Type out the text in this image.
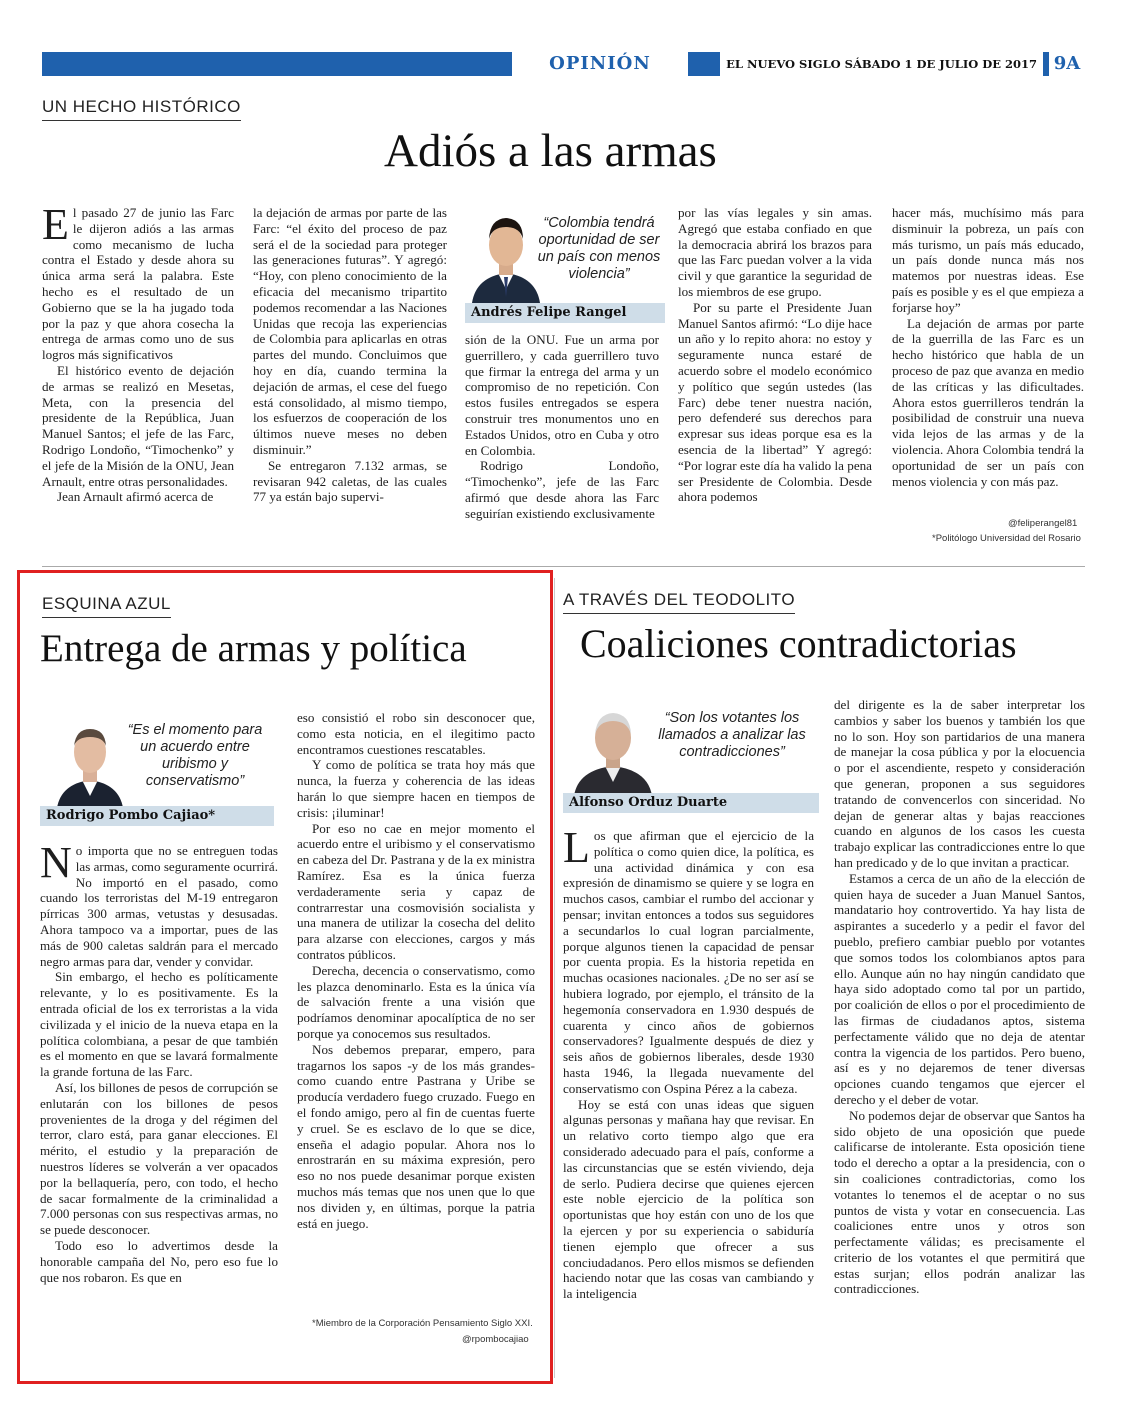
OPINIÓN	EL NUEVO SIGLO SÁBADO 1 DE JULIO DE 2017 9A
UN HECHO HISTÓRICO
Adiós a las armas

El pasado 27 de junio las Farc le dijeron adiós a las armas como mecanismo de lucha contra el Estado y desde ahora su única arma será la palabra. Este hecho es el resultado de un Gobierno que se la ha jugado toda por la paz y que ahora cosecha la entrega de armas como uno de sus logros más significativos

El histórico evento de dejación de armas se realizó en Mesetas, Meta, con la presencia del presidente de la República, Juan Manuel Santos; el jefe de las Farc, Rodrigo Londoño, “Timochenko” y el jefe de la Misión de la ONU, Jean Arnault, entre otras personalidades.

Jean Arnault afirmó acerca de

la dejación de armas por parte de las Farc: “el éxito del proceso de paz será el de la sociedad para proteger las generaciones futuras”. Y agregó: “Hoy, con pleno conocimiento de la eficacia del mecanismo tripartito podemos recomendar a las Naciones Unidas que recoja las experiencias de Colombia para aplicarlas en otras partes del mundo. Concluimos que hoy en día, cuando termina la dejación de armas, el cese del fuego está consolidado, al mismo tiempo, los esfuerzos de cooperación de los últimos nueve meses no deben disminuir.”

Se entregaron 7.132 armas, se revisaran 942 caletas, de las cuales 77 ya están bajo supervi-

“Colombia tendrá oportunidad de ser un país con menos violencia”
Andrés Felipe Rangel

sión de la ONU. Fue un arma por guerrillero, y cada guerrillero tuvo que firmar la entrega del arma y un compromiso de no repetición. Con estos fusiles entregados se espera construir tres monumentos uno en Estados Unidos, otro en Cuba y otro en Colombia.

Rodrigo Londoño, “Timochenko”, jefe de las Farc afirmó que desde ahora las Farc seguirían existiendo exclusivamente

por las vías legales y sin amas. Agregó que estaba confiado en que la democracia abrirá los brazos para que las Farc puedan volver a la vida civil y que garantice la seguridad de los miembros de ese grupo.

Por su parte el Presidente Juan Manuel Santos afirmó: “Lo dije hace un año y lo repito ahora: no estoy y seguramente nunca estaré de acuerdo sobre el modelo económico y político que según ustedes (las Farc) debe tener nuestra nación, pero defenderé sus derechos para expresar sus ideas porque esa es la esencia de la libertad” Y agregó: “Por lograr este día ha valido la pena ser Presidente de Colombia. Desde ahora podemos

hacer más, muchísimo más para disminuir la pobreza, un país con más turismo, un país más educado, un país donde nunca más nos matemos por nuestras ideas. Ese país es posible y es el que empieza a forjarse hoy”

La dejación de armas por parte de la guerrilla de las Farc es un hecho histórico que habla de un proceso de paz que avanza en medio de las críticas y las dificultades. Ahora estos guerrilleros tendrán la posibilidad de construir una nueva vida lejos de las armas y de la violencia. Ahora Colombia tendrá la oportunidad de ser un país con menos violencia y con más paz.

@feliperangel81
*Politólogo Universidad del Rosario
ESQUINA AZUL
Entrega de armas y política
“Es el momento para un acuerdo entre uribismo y conservatismo”
Rodrigo Pombo Cajiao*

No importa que no se entreguen todas las armas, como seguramente ocurrirá. No importó en el pasado, como cuando los terroristas del M-19 entregaron pírricas 300 armas, vetustas y desusadas. Ahora tampoco va a importar, pues de las más de 900 caletas saldrán para el mercado negro armas para dar, vender y convidar.

Sin embargo, el hecho es políticamente relevante, y lo es positivamente. Es la entrada oficial de los ex terroristas a la vida civilizada y el inicio de la nueva etapa en la política colombiana, a pesar de que también es el momento en que se lavará formalmente la grande fortuna de las Farc.

Así, los billones de pesos de corrupción se enlutarán con los billones de pesos provenientes de la droga y del régimen del terror, claro está, para ganar elecciones. El mérito, el estudio y la preparación de nuestros líderes se volverán a ver opacados por la bellaquería, pero, con todo, el hecho de sacar formalmente de la criminalidad a 7.000 personas con sus respectivas armas, no se puede desconocer.

Todo eso lo advertimos desde la honorable campaña del No, pero eso fue lo que nos robaron. Es que en

eso consistió el robo sin desconocer que, como esta noticia, en el ilegitimo pacto encontramos cuestiones rescatables.

Y como de política se trata hoy más que nunca, la fuerza y coherencia de las ideas harán lo que siempre hacen en tiempos de crisis: ¡iluminar!

Por eso no cae en mejor momento el acuerdo entre el uribismo y el conservatismo en cabeza del Dr. Pastrana y de la ex ministra Ramírez. Esa es la única fuerza verdaderamente seria y capaz de contrarrestar una cosmovisión socialista y una manera de utilizar la cosecha del delito para alzarse con elecciones, cargos y más contratos públicos.

Derecha, decencia o conservatismo, como les plazca denominarlo. Esta es la única vía de salvación frente a una visión que podríamos denominar apocalíptica de no ser porque ya conocemos sus resultados.

Nos debemos preparar, empero, para tragarnos los sapos -y de los más grandes- como cuando entre Pastrana y Uribe se producía verdadero fuego cruzado. Fuego en el fondo amigo, pero al fin de cuentas fuerte y cruel. Se es esclavo de lo que se dice, enseña el adagio popular. Ahora nos lo enrostrarán en su máxima expresión, pero eso no nos puede desanimar porque existen muchos más temas que nos unen que lo que nos dividen y, en últimas, porque la patria está en juego.

*Miembro de la Corporación Pensamiento Siglo XXI.
@rpombocajiao
A TRAVÉS DEL TEODOLITO
Coaliciones contradictorias
“Son los votantes los llamados a analizar las contradicciones”
Alfonso Orduz Duarte

Los que afirman que el ejercicio de la política o como quien dice, la política, es una actividad dinámica y con esa expresión de dinamismo se quiere y se logra en muchos casos, cambiar el rumbo del accionar y pensar; invitan entonces a todos sus seguidores a secundarlos lo cual logran parcialmente, porque algunos tienen la capacidad de pensar por cuenta propia. Es la historia repetida en muchas ocasiones nacionales. ¿De no ser así se hubiera logrado, por ejemplo, el tránsito de la hegemonía conservadora en 1.930 después de cuarenta y cinco años de gobiernos conservadores? Igualmente después de diez y seis años de gobiernos liberales, desde 1930 hasta 1946, la llegada nuevamente del conservatismo con Ospina Pérez a la cabeza.

Hoy se está con unas ideas que siguen algunas personas y mañana hay que revisar. En un relativo corto tiempo algo que era considerado adecuado para el país, conforme a las circunstancias que se estén viviendo, deja de serlo. Pudiera decirse que quienes ejercen este noble ejercicio de la política son oportunistas que hoy están con uno de los que la ejercen y por su experiencia o sabiduría tienen ejemplo que ofrecer a sus conciudadanos. Pero ellos mismos se defienden haciendo notar que las cosas van cambiando y la inteligencia

del dirigente es la de saber interpretar los cambios y saber los buenos y también los que no lo son. Hoy son partidarios de una manera de manejar la cosa pública y por la elocuencia o por el ascendiente, respeto y consideración que generan, proponen a sus seguidores tratando de convencerlos con sinceridad. No dejan de generar altas y bajas reacciones cuando en algunos de los casos les cuesta trabajo explicar las contradicciones entre lo que han predicado y de lo que invitan a practicar.

Estamos a cerca de un año de la elección de quien haya de suceder a Juan Manuel Santos, mandatario hoy controvertido. Ya hay lista de aspirantes a sucederlo y a pedir el favor del pueblo, prefiero cambiar pueblo por votantes que somos todos los colombianos aptos para ello. Aunque aún no hay ningún candidato que haya sido adoptado como tal por un partido, por coalición de ellos o por el procedimiento de las firmas de ciudadanos aptos, sistema perfectamente válido que no deja de atentar contra la vigencia de los partidos. Pero bueno, así es y no dejaremos de tener diversas opciones cuando tengamos que ejercer el derecho y el deber de votar.

No podemos dejar de observar que Santos ha sido objeto de una oposición que puede calificarse de intolerante. Esta oposición tiene todo el derecho a optar a la presidencia, con o sin coaliciones contradictorias, como los votantes lo tenemos el de aceptar o no sus puntos de vista y votar en consecuencia. Las coaliciones entre unos y otros son perfectamente válidas; es precisamente el criterio de los votantes el que permitirá que estas surjan; ellos podrán analizar las contradicciones.
